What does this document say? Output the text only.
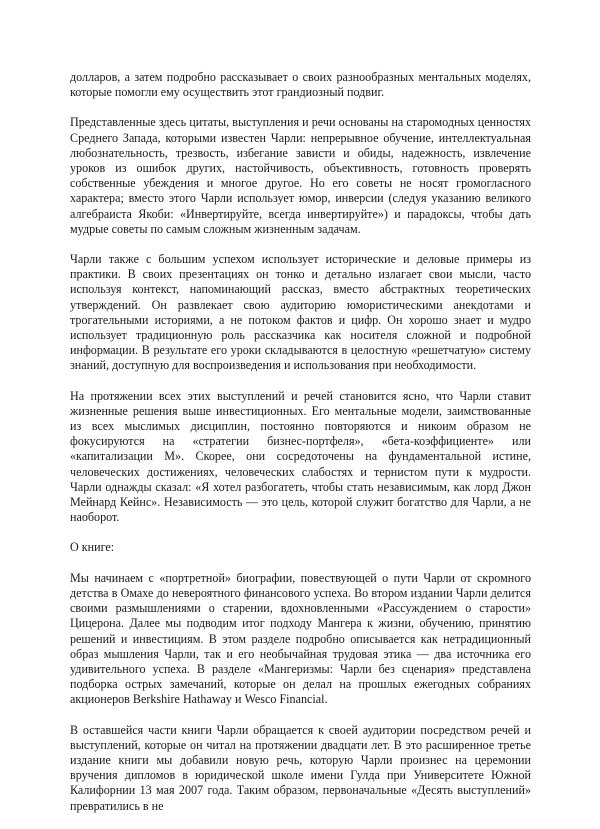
долларов, а затем подробно рассказывает о своих разнообразных ментальных моделях, которые помогли ему осуществить этот грандиозный подвиг.

Представленные здесь цитаты, выступления и речи основаны на старомодных ценностях Среднего Запада, которыми известен Чарли: непрерывное обучение, интеллектуальная любознательность, трезвость, избегание зависти и обиды, надежность, извлечение уроков из ошибок других, настойчивость, объективность, готовность проверять собственные убеждения и многое другое. Но его советы не носят громогласного характера; вместо этого Чарли использует юмор, инверсии (следуя указанию великого алгебраиста Якоби: «Инвертируйте, всегда инвертируйте») и парадоксы, чтобы дать мудрые советы по самым сложным жизненным задачам.

Чарли также с большим успехом использует исторические и деловые примеры из практики. В своих презентациях он тонко и детально излагает свои мысли, часто используя контекст, напоминающий рассказ, вместо абстрактных теоретических утверждений. Он развлекает свою аудиторию юмористическими анекдотами и трогательными историями, а не потоком фактов и цифр. Он хорошо знает и мудро использует традиционную роль рассказчика как носителя сложной и подробной информации. В результате его уроки складываются в целостную «решетчатую» систему знаний, доступную для воспроизведения и использования при необходимости.

На протяжении всех этих выступлений и речей становится ясно, что Чарли ставит жизненные решения выше инвестиционных. Его ментальные модели, заимствованные из всех мыслимых дисциплин, постоянно повторяются и никоим образом не фокусируются на «стратегии бизнес-портфеля», «бета-коэффициенте» или «капитализации М». Скорее, они сосредоточены на фундаментальной истине, человеческих достижениях, человеческих слабостях и тернистом пути к мудрости. Чарли однажды сказал: «Я хотел разбогатеть, чтобы стать независимым, как лорд Джон Мейнард Кейнс». Независимость — это цель, которой служит богатство для Чарли, а не наоборот.

О книге:

Мы начинаем с «портретной» биографии, повествующей о пути Чарли от скромного детства в Омахе до невероятного финансового успеха. Во втором издании Чарли делится своими размышлениями о старении, вдохновленными «Рассуждением о старости» Цицерона. Далее мы подводим итог подходу Мангера к жизни, обучению, принятию решений и инвестициям. В этом разделе подробно описывается как нетрадиционный образ мышления Чарли, так и его необычайная трудовая этика — два источника его удивительного успеха. В разделе «Мангеризмы: Чарли без сценария» представлена подборка острых замечаний, которые он делал на прошлых ежегодных собраниях акционеров Berkshire Hathaway и Wesco Financial.

В оставшейся части книги Чарли обращается к своей аудитории посредством речей и выступлений, которые он читал на протяжении двадцати лет. В это расширенное третье издание книги мы добавили новую речь, которую Чарли произнес на церемонии вручения дипломов в юридической школе имени Гулда при Университете Южной Калифорнии 13 мая 2007 года. Таким образом, первоначальные «Десять выступлений» превратились в не
